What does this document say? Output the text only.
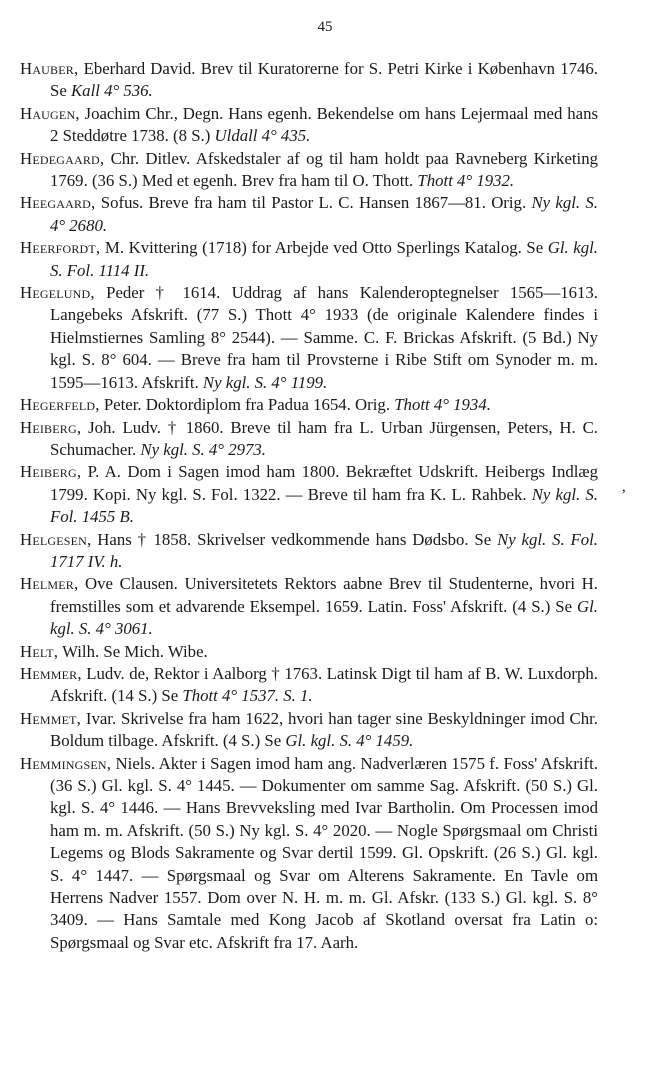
45
’

Hauber, Eberhard David. Brev til Kuratorerne for S. Petri Kirke i København 1746. Se Kall 4° 536.

Haugen, Joachim Chr., Degn. Hans egenh. Bekendelse om hans Lejermaal med hans 2 Steddøtre 1738. (8 S.) Uldall 4° 435.

Hedegaard, Chr. Ditlev. Afskedstaler af og til ham holdt paa Ravneberg Kirketing 1769. (36 S.) Med et egenh. Brev fra ham til O. Thott. Thott 4° 1932.

Heegaard, Sofus. Breve fra ham til Pastor L. C. Hansen 1867—81. Orig. Ny kgl. S. 4° 2680.

Heerfordt, M. Kvittering (1718) for Arbejde ved Otto Sperlings Katalog. Se Gl. kgl. S. Fol. 1114 II.

Hegelund, Peder † 1614. Uddrag af hans Kalenderoptegnelser 1565—1613. Langebeks Afskrift. (77 S.) Thott 4° 1933 (de originale Kalendere findes i Hielmstiernes Samling 8° 2544). — Samme. C. F. Brickas Afskrift. (5 Bd.) Ny kgl. S. 8° 604. — Breve fra ham til Provsterne i Ribe Stift om Synoder m. m. 1595—1613. Afskrift. Ny kgl. S. 4° 1199.

Hegerfeld, Peter. Doktordiplom fra Padua 1654. Orig. Thott 4° 1934.

Heiberg, Joh. Ludv. † 1860. Breve til ham fra L. Urban Jürgensen, Peters, H. C. Schumacher. Ny kgl. S. 4° 2973.

Heiberg, P. A. Dom i Sagen imod ham 1800. Bekræftet Udskrift. Heibergs Indlæg 1799. Kopi. Ny kgl. S. Fol. 1322. — Breve til ham fra K. L. Rahbek. Ny kgl. S. Fol. 1455 B.

Helgesen, Hans † 1858. Skrivelser vedkommende hans Dødsbo. Se Ny kgl. S. Fol. 1717 IV. h.

Helmer, Ove Clausen. Universitetets Rektors aabne Brev til Studenterne, hvori H. fremstilles som et advarende Eksempel. 1659. Latin. Foss' Afskrift. (4 S.) Se Gl. kgl. S. 4° 3061.

Helt, Wilh. Se Mich. Wibe.

Hemmer, Ludv. de, Rektor i Aalborg † 1763. Latinsk Digt til ham af B. W. Luxdorph. Afskrift. (14 S.) Se Thott 4° 1537. S. 1.

Hemmet, Ivar. Skrivelse fra ham 1622, hvori han tager sine Beskyldninger imod Chr. Boldum tilbage. Afskrift. (4 S.) Se Gl. kgl. S. 4° 1459.

Hemmingsen, Niels. Akter i Sagen imod ham ang. Nadverlæren 1575 f. Foss' Afskrift. (36 S.) Gl. kgl. S. 4° 1445. — Dokumenter om samme Sag. Afskrift. (50 S.) Gl. kgl. S. 4° 1446. — Hans Brevveksling med Ivar Bartholin. Om Processen imod ham m. m. Afskrift. (50 S.) Ny kgl. S. 4° 2020. — Nogle Spørgsmaal om Christi Legems og Blods Sakramente og Svar dertil 1599. Gl. Opskrift. (26 S.) Gl. kgl. S. 4° 1447. — Spørgsmaal og Svar om Alterens Sakramente. En Tavle om Herrens Nadver 1557. Dom over N. H. m. m. Gl. Afskr. (133 S.) Gl. kgl. S. 8° 3409. — Hans Samtale med Kong Jacob af Skotland oversat fra Latin o: Spørgsmaal og Svar etc. Afskrift fra 17. Aarh.
